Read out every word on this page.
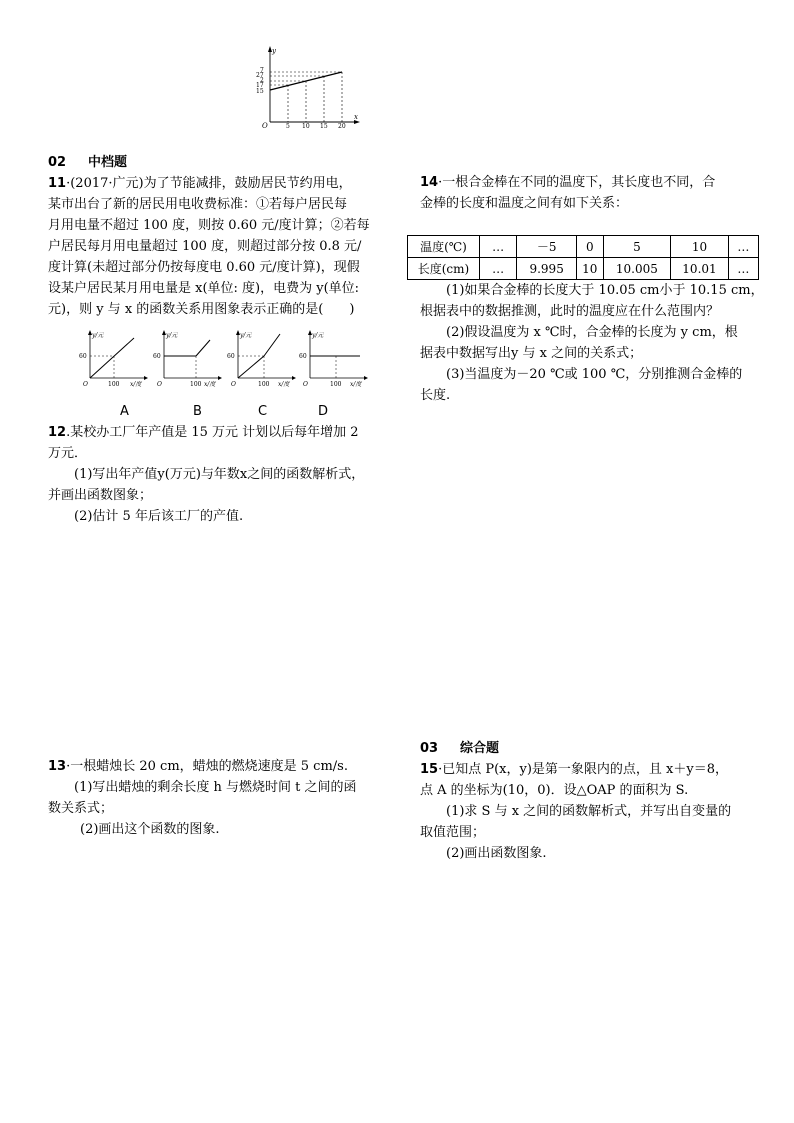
y
x
O
7
27
2
17
15
5 10 15 20
02 中档题
11·(2017·广元)为了节能减排，鼓励居民节约用电，
某市出台了新的居民用电收费标准：①若每户居民每
月用电量不超过 100 度，则按 0.60 元/度计算；②若每
户居民每月用电量超过 100 度，则超过部分按 0.8 元/
度计算(未超过部分仍按每度电 0.60 元/度计算)，现假
设某户居民某月用电量是 x(单位: 度)，电费为 y(单位:
元)，则 y 与 x 的函数关系用图象表示正确的是(　　)
y/元
x/度
60
100
O
y/元
x/度
60
100
O
y/元
x/度
60
100
O
y/元
x/度
60
100
O
A	B	C	D
12.某校办工厂年产值是 15 万元 计划以后每年增加 2
万元．
(1)写出年产值y(万元)与年数x之间的函数解析式，
并画出函数图象；
(2)估计 5 年后该工厂的产值.
13·一根蜡烛长 20 cm，蜡烛的燃烧速度是 5 cm/s.
(1)写出蜡烛的剩余长度 h 与燃烧时间 t 之间的函
数关系式；
(2)画出这个函数的图象.
14·一根合金棒在不同的温度下，其长度也不同，合
金棒的长度和温度之间有如下关系：
温度(℃)	…	－5	0	5	10	…
长度(cm)	…	9.995	10	10.005	10.01	…
(1)如果合金棒的长度大于 10.05 cm小于 10.15 cm，
根据表中的数据推测，此时的温度应在什么范围内？
(2)假设温度为 x ℃时，合金棒的长度为 y cm，根
据表中数据写出y 与 x 之间的关系式；
(3)当温度为－20 ℃或 100 ℃，分别推测合金棒的
长度.
03 综合题
15·已知点 P(x，y)是第一象限内的点，且 x＋y＝8，
点 A 的坐标为(10，0)．设△OAP 的面积为 S.
(1)求 S 与 x 之间的函数解析式，并写出自变量的
取值范围；
(2)画出函数图象.
